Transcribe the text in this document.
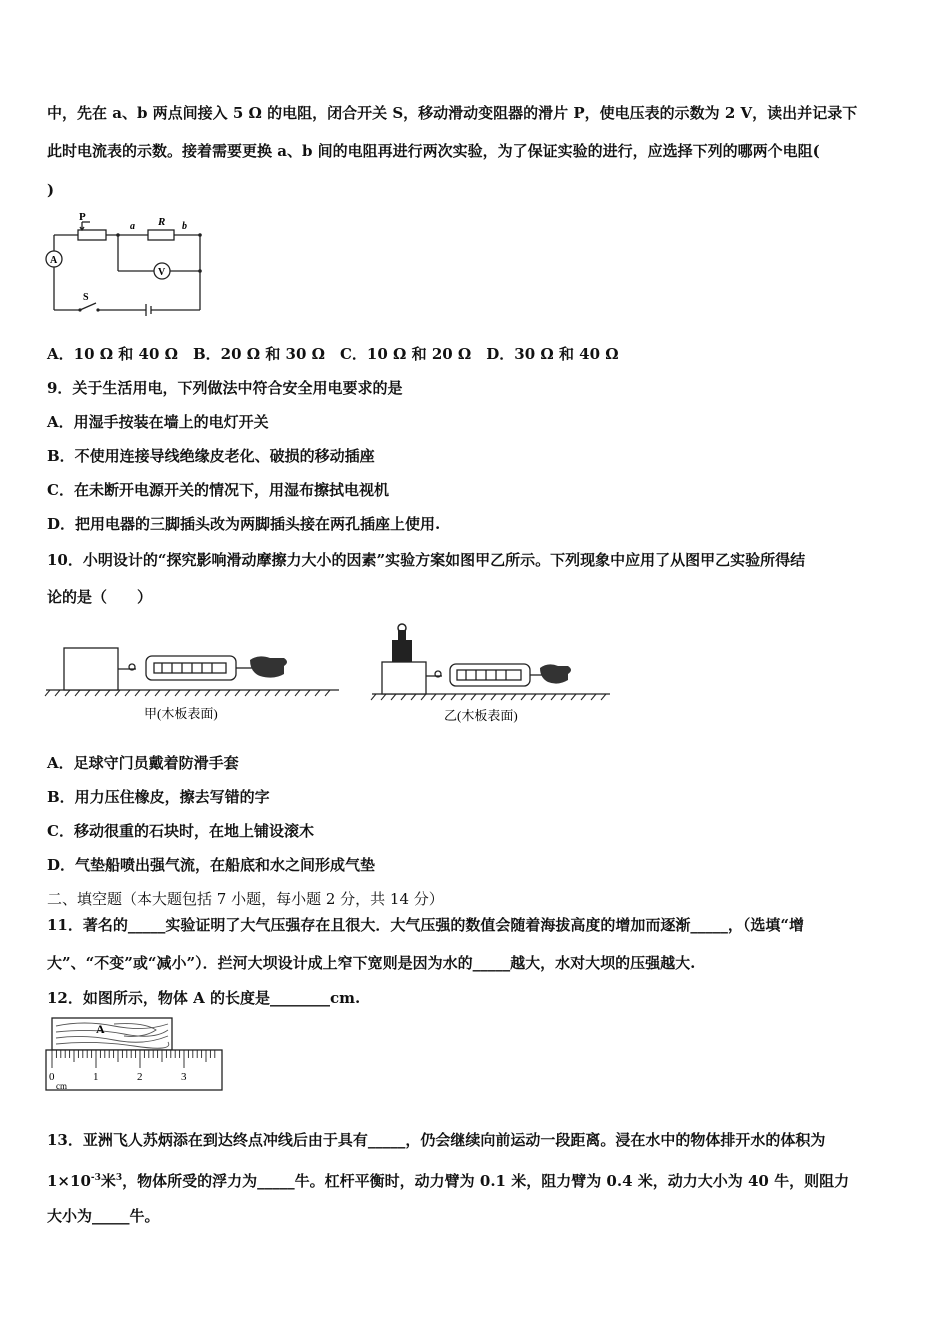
中，先在 a、b 两点间接入 5 Ω 的电阻，闭合开关 S，移动滑动变阻器的滑片 P，使电压表的示数为 2 V，读出并记录下
此时电流表的示数。接着需要更换 a、b 间的电阻再进行两次实验，为了保证实验的进行，应选择下列的哪两个电阻(
)
P
a R b
A
V
S
A．10 Ω 和 40 Ω　B．20 Ω 和 30 Ω　C．10 Ω 和 20 Ω　D．30 Ω 和 40 Ω
9．关于生活用电，下列做法中符合安全用电要求的是
A．用湿手按装在墙上的电灯开关
B．不使用连接导线绝缘皮老化、破损的移动插座
C．在未断开电源开关的情况下，用湿布擦拭电视机
D．把用电器的三脚插头改为两脚插头接在两孔插座上使用.
10．小明设计的“探究影响滑动摩擦力大小的因素”实验方案如图甲乙所示。下列现象中应用了从图甲乙实验所得结
论的是（　　）
甲(木板表面)	乙(木板表面)
A．足球守门员戴着防滑手套
B．用力压住橡皮，擦去写错的字
C．移动很重的石块时，在地上铺设滚木
D．气垫船喷出强气流，在船底和水之间形成气垫
二、填空题（本大题包括 7 小题，每小题 2 分，共 14 分）
11．著名的_____实验证明了大气压强存在且很大．大气压强的数值会随着海拔高度的增加而逐渐_____，（选填“增
大”、“不变”或“减小”）．拦河大坝设计成上窄下宽则是因为水的_____越大，水对大坝的压强越大.
12．如图所示，物体 A 的长度是________cm.
A
0	1	2	3
cm
13．亚洲飞人苏炳添在到达终点冲线后由于具有_____，仍会继续向前运动一段距离。浸在水中的物体排开水的体积为
$1\times 10^{-3}$米$^3$，物体所受的浮力为_____牛。杠杆平衡时，动力臂为 0.1 米，阻力臂为 0.4 米，动力大小为 40 牛，则阻力
大小为_____牛。
